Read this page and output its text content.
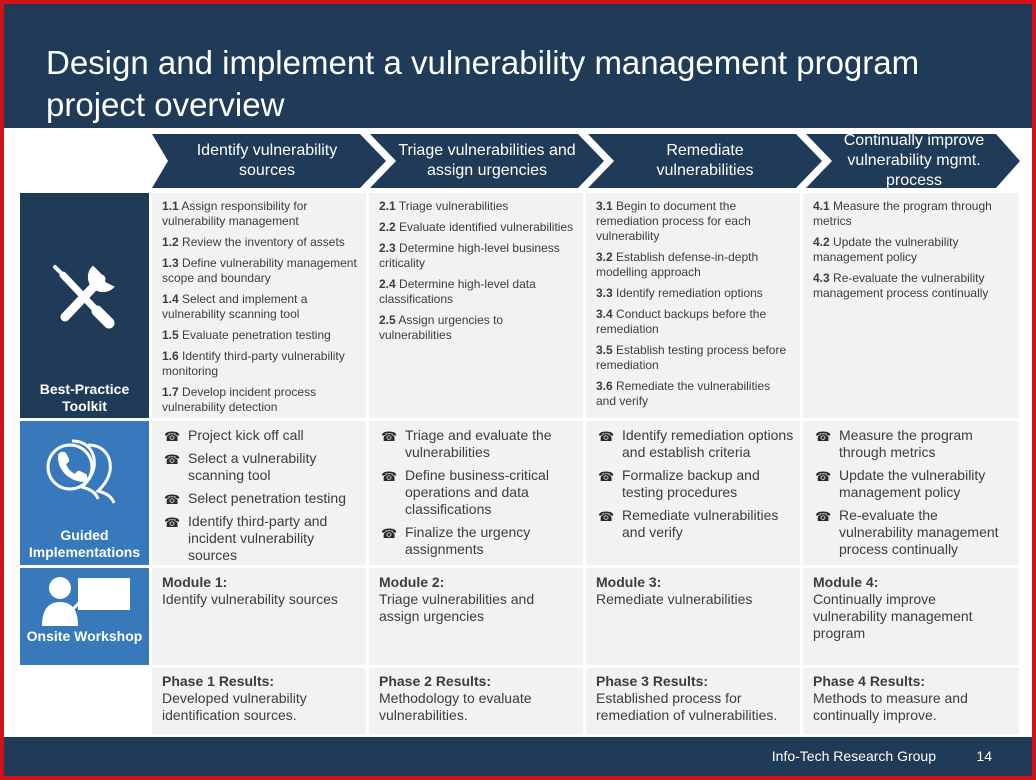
Design and implement a vulnerability management program project overview
Identify vulnerability sources
Triage vulnerabilities and assign urgencies
Remediate vulnerabilities
Continually improve vulnerability mgmt. process
Best-Practice Toolkit
Guided Implementations
Onsite Workshop
1.1 Assign responsibility for vulnerability management
1.2 Review the inventory of assets
1.3 Define vulnerability management scope and boundary
1.4 Select and implement a vulnerability scanning tool
1.5 Evaluate penetration testing
1.6 Identify third-party vulnerability monitoring
1.7 Develop incident process vulnerability detection
2.1 Triage vulnerabilities
2.2 Evaluate identified vulnerabilities
2.3 Determine high-level business criticality
2.4 Determine high-level data classifications
2.5 Assign urgencies to vulnerabilities
3.1 Begin to document the remediation process for each vulnerability
3.2 Establish defense-in-depth modelling approach
3.3 Identify remediation options
3.4 Conduct backups before the remediation
3.5 Establish testing process before remediation
3.6 Remediate the vulnerabilities and verify
4.1 Measure the program through metrics
4.2 Update the vulnerability management policy
4.3 Re-evaluate the vulnerability management process continually
☎ Project kick off call
☎ Select a vulnerability scanning tool
☎ Select penetration testing
☎ Identify third-party and incident vulnerability sources
☎ Triage and evaluate the vulnerabilities
☎ Define business-critical operations and data classifications
☎ Finalize the urgency assignments
☎ Identify remediation options and establish criteria
☎ Formalize backup and testing procedures
☎ Remediate vulnerabilities and verify
☎ Measure the program through metrics
☎ Update the vulnerability management policy
☎ Re-evaluate the vulnerability management process continually
Module 1:
Identify vulnerability sources
Module 2:
Triage vulnerabilities and assign urgencies
Module 3:
Remediate vulnerabilities
Module 4:
Continually improve vulnerability management program
Phase 1 Results:
Developed vulnerability identification sources.
Phase 2 Results:
Methodology to evaluate vulnerabilities.
Phase 3 Results:
Established process for remediation of vulnerabilities.
Phase 4 Results:
Methods to measure and continually improve.
Info-Tech Research Group	14
